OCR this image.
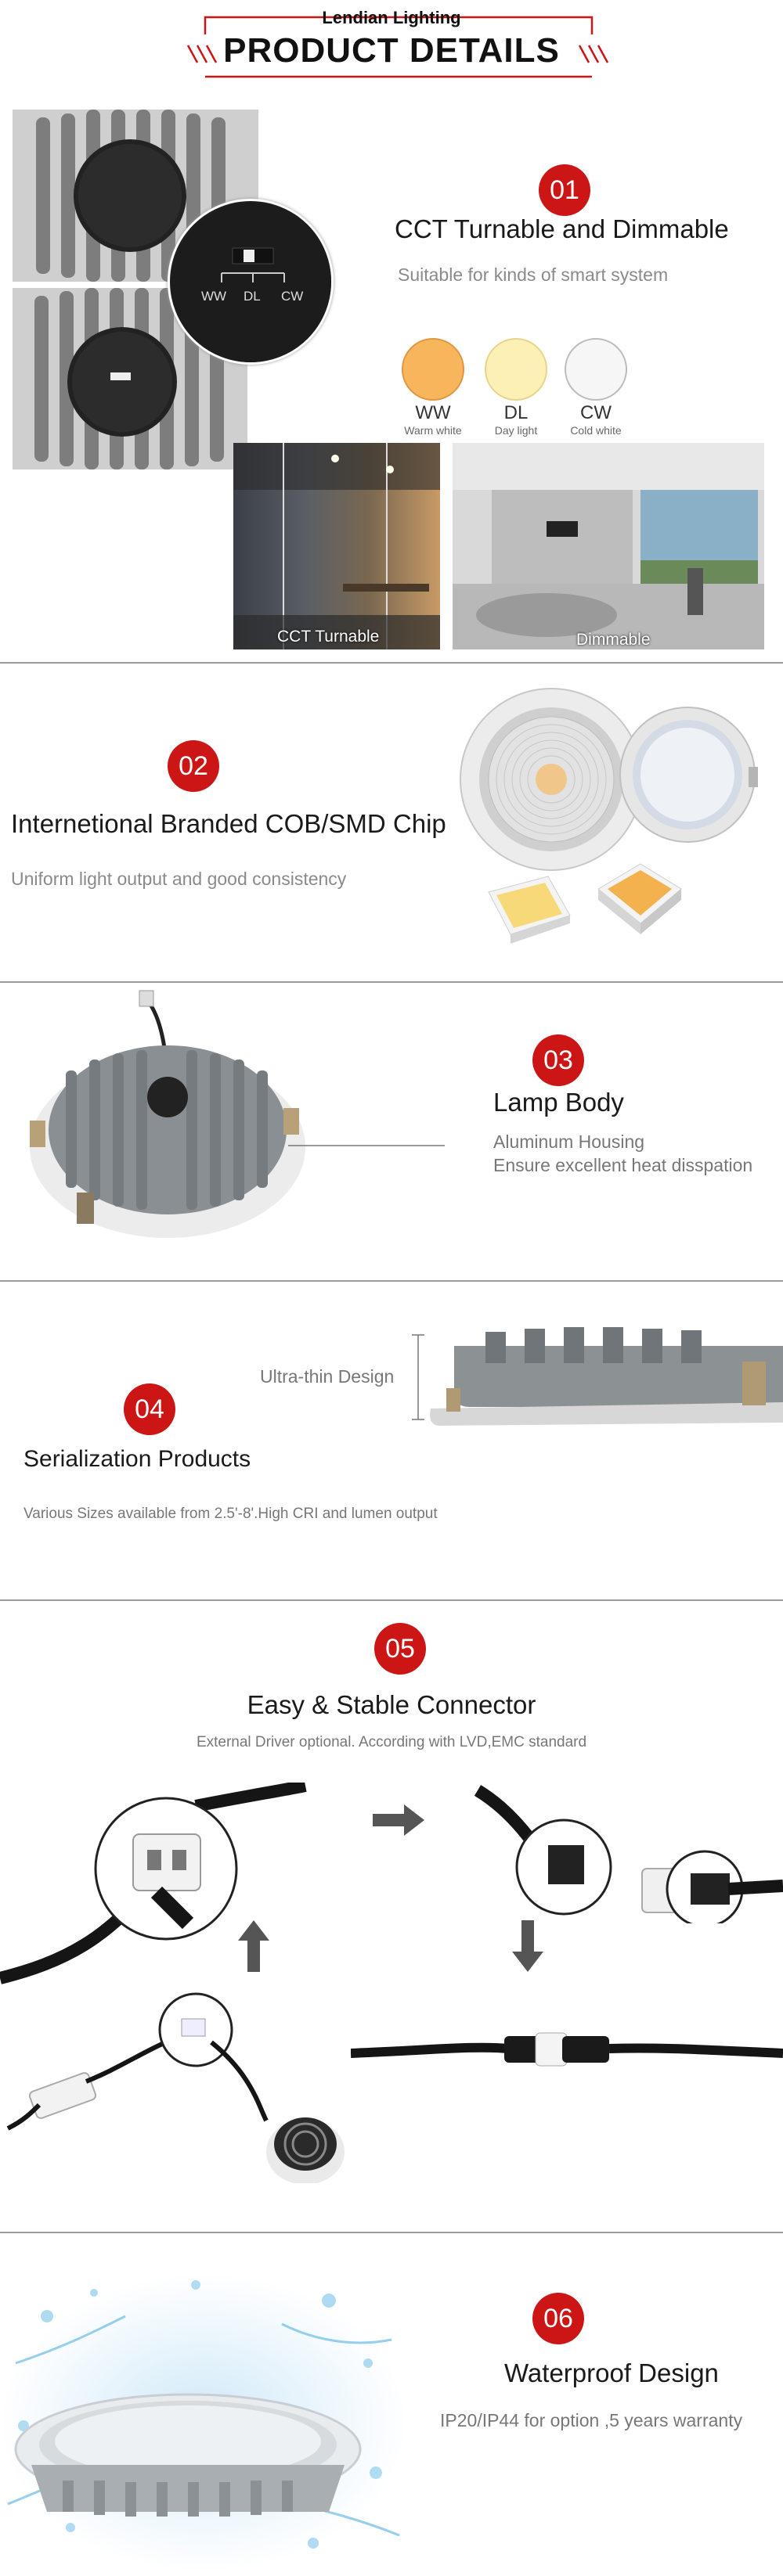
Lendian Lighting
PRODUCT DETAILS
WW DL CW
01
CCT Turnable and Dimmable
Suitable for kinds of smart system
WW
Warm white
DL
Day light
CW
Cold white
CCT Turnable	Dimmable
02
Internetional Branded COB/SMD Chip
Uniform light output and good consistency
03
Lamp Body
Aluminum Housing
Ensure excellent heat disspation
Ultra-thin Design
04
Serialization Products
Various Sizes available from 2.5'-8'.High CRI and lumen output
05
Easy & Stable Connector
External Driver optional. According with LVD,EMC standard
06
Waterproof Design
IP20/IP44 for option ,5 years warranty
